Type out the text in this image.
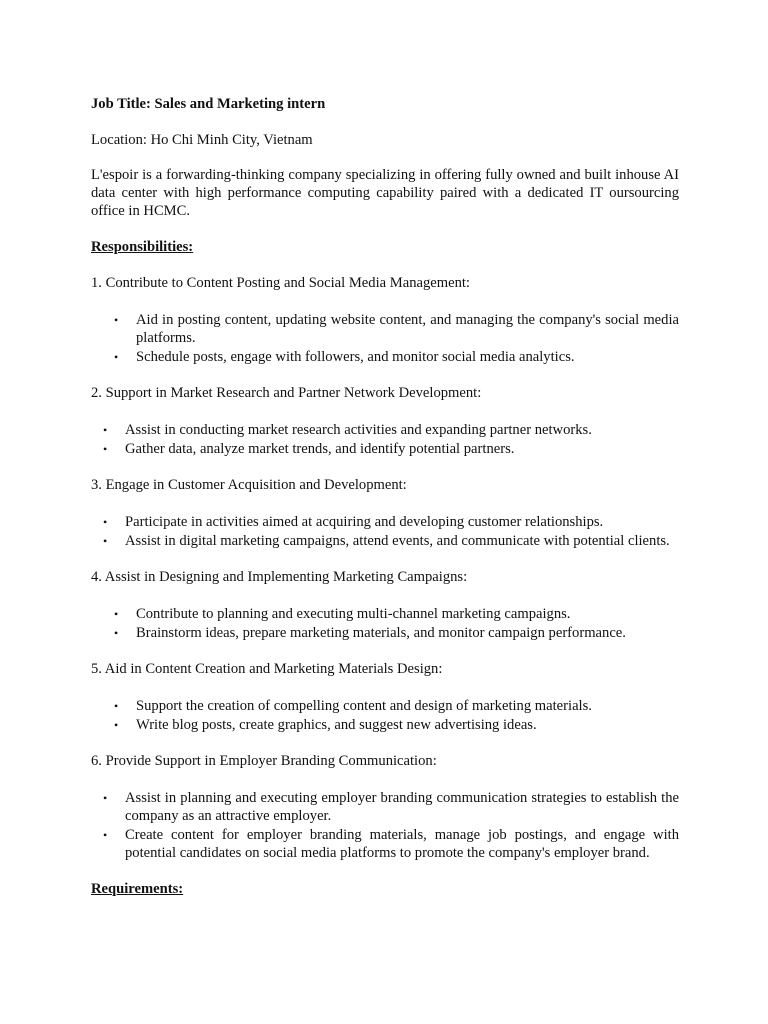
Job Title: Sales and Marketing intern

Location: Ho Chi Minh City, Vietnam

L'espoir is a forwarding-thinking company specializing in offering fully owned and built inhouse AI data center with high performance computing capability paired with a dedicated IT oursourcing office in HCMC.

Responsibilities:

1. Contribute to Content Posting and Social Media Management:

• Aid in posting content, updating website content, and managing the company's social media platforms.
• Schedule posts, engage with followers, and monitor social media analytics.

2. Support in Market Research and Partner Network Development:

• Assist in conducting market research activities and expanding partner networks.
• Gather data, analyze market trends, and identify potential partners.

3. Engage in Customer Acquisition and Development:

• Participate in activities aimed at acquiring and developing customer relationships.
• Assist in digital marketing campaigns, attend events, and communicate with potential clients.

4. Assist in Designing and Implementing Marketing Campaigns:

• Contribute to planning and executing multi-channel marketing campaigns.
• Brainstorm ideas, prepare marketing materials, and monitor campaign performance.

5. Aid in Content Creation and Marketing Materials Design:

• Support the creation of compelling content and design of marketing materials.
• Write blog posts, create graphics, and suggest new advertising ideas.

6. Provide Support in Employer Branding Communication:

• Assist in planning and executing employer branding communication strategies to establish the company as an attractive employer.
• Create content for employer branding materials, manage job postings, and engage with potential candidates on social media platforms to promote the company's employer brand.

Requirements:
